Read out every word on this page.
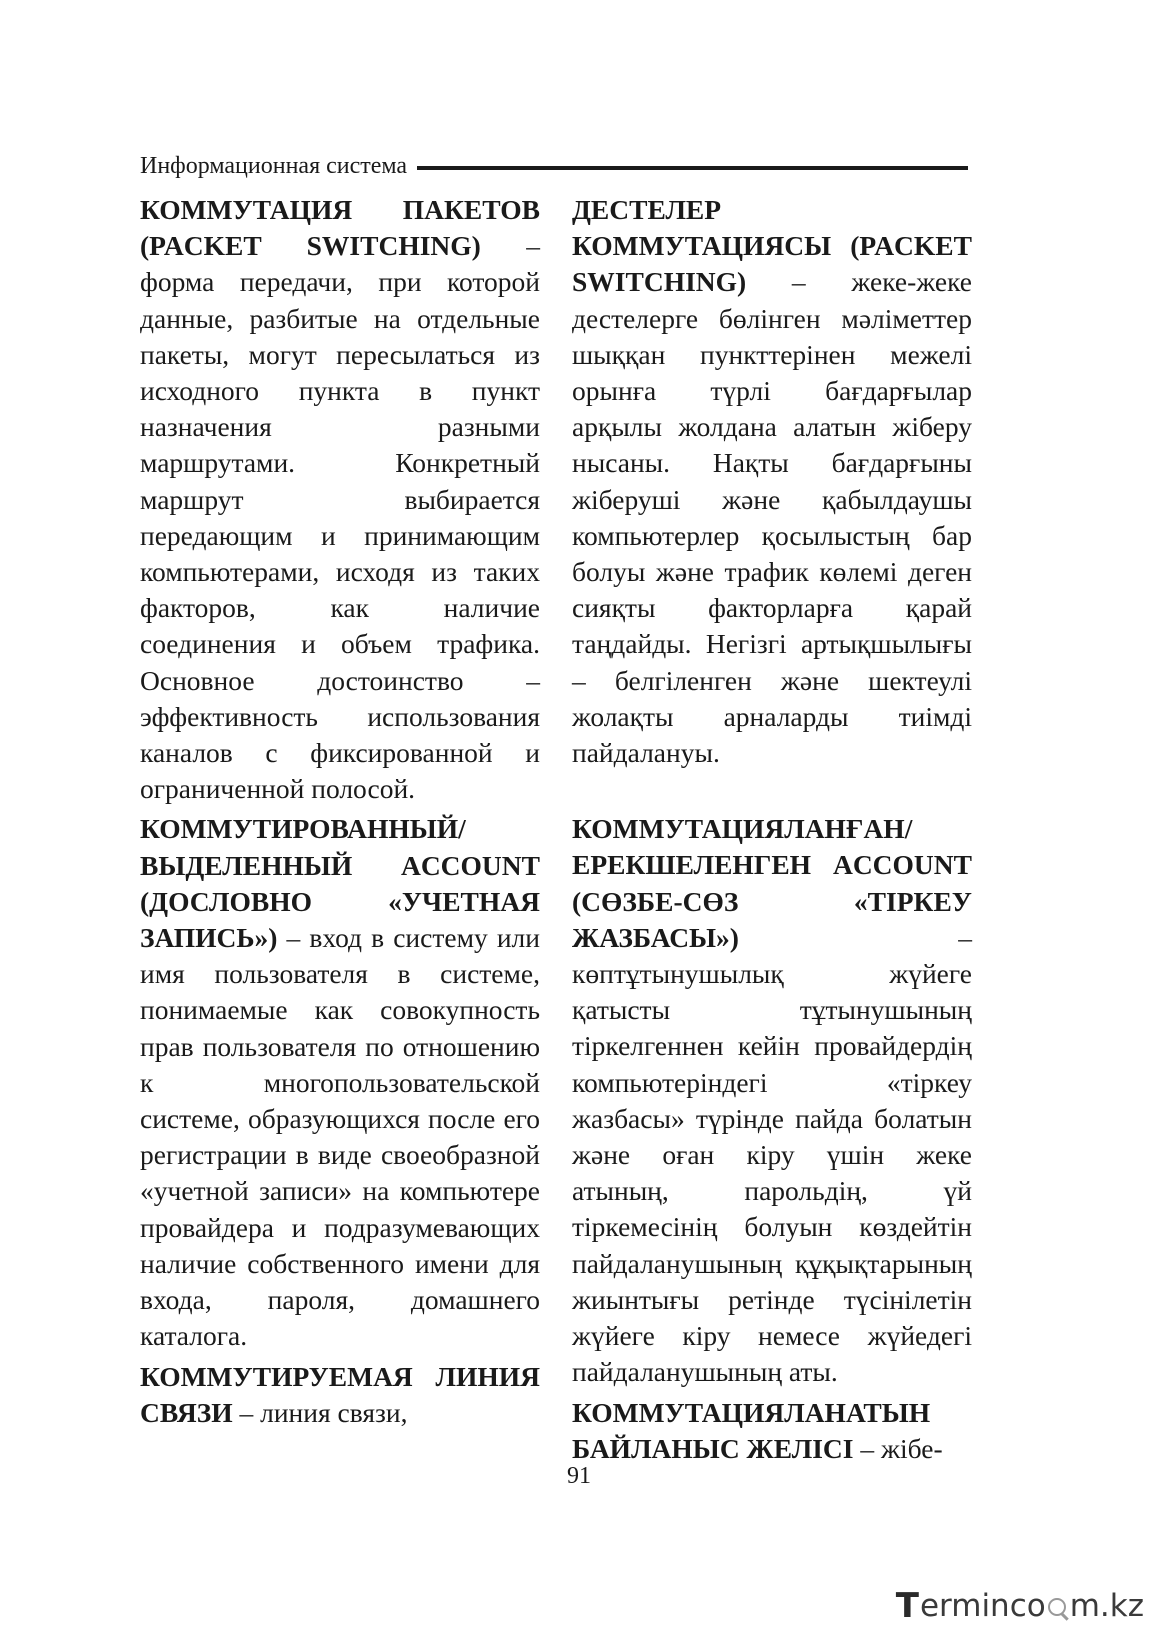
Информационная система

КОММУТАЦИЯ ПАКЕТОВ (PACKET SWITCHING) – форма передачи, при которой данные, разбитые на отдельные пакеты, могут пересылаться из исходного пункта в пункт назначения разными маршрутами. Конкретный маршрут выбирается передающим и принимающим компьютерами, исходя из таких факторов, как наличие соединения и объем трафика. Основное достоинство – эффективность использования каналов с фиксированной и ограниченной полосой.

КОММУТИРОВАННЫЙ/ ВЫДЕЛЕННЫЙ ACCOUNT (ДОСЛОВНО «УЧЕТНАЯ ЗАПИСЬ») – вход в систему или имя пользователя в системе, понимаемые как совокупность прав пользователя по отношению к многопользовательской системе, образующихся после его регистрации в виде своеобразной «учетной записи» на компьютере провайдера и подразумевающих наличие собственного имени для входа, пароля, домашнего каталога.

КОММУТИРУЕМАЯ ЛИНИЯ СВЯЗИ – линия связи,

ДЕСТЕЛЕР КОММУТАЦИЯСЫ (PACKET SWITCHING) – жеке-жеке дестелерге бөлінген мәліметтер шыққан пункттерінен межелі орынға түрлі бағдарғылар арқылы жолдана алатын жіберу нысаны. Нақты бағдарғыны жіберуші және қабылдаушы компьютерлер қосылыстың бар болуы және трафик көлемі деген сияқты факторларға қарай таңдайды. Негізгі артықшылығы – белгіленген және шектеулі жолақты арналарды тиімді пайдалануы.

КОММУТАЦИЯЛАНҒАН/ ЕРЕКШЕЛЕНГЕН ACCOUNT (СӨЗБЕ-СӨЗ «ТІРКЕУ ЖАЗБАСЫ») – көптұтынушылық жүйеге қатысты тұтынушының тіркелгеннен кейін провайдердің компьютеріндегі «тіркеу жазбасы» түрінде пайда болатын және оған кіру үшін жеке атының, парольдің, үй тіркемесінің болуын көздейтін пайдаланушының құқықтарының жиынтығы ретінде түсінілетін жүйеге кіру немесе жүйедегі пайдаланушының аты.

КОММУТАЦИЯЛАНАТЫН БАЙЛАНЫС ЖЕЛІСІ – жібе-

91
T ermincо m.kz
